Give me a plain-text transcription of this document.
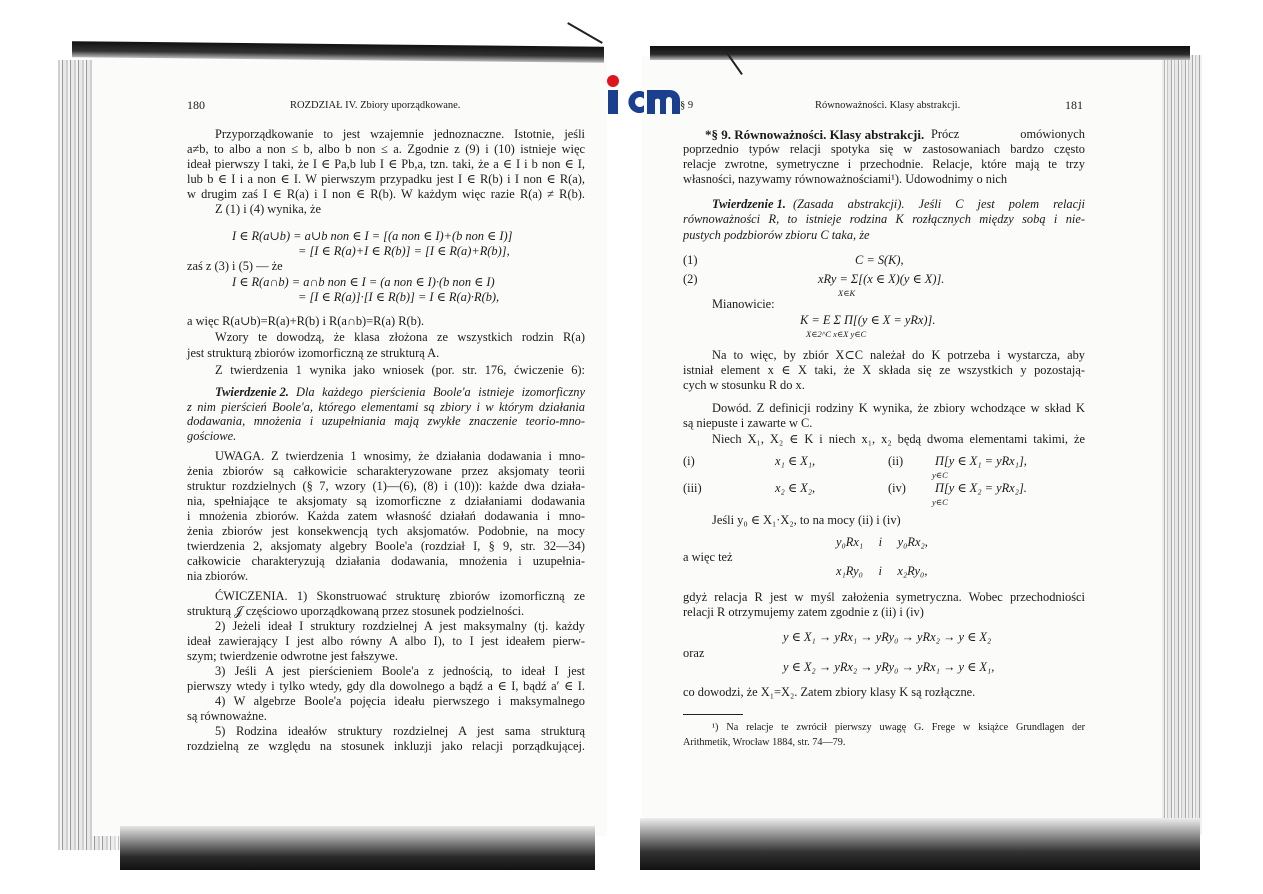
180	ROZDZIAŁ IV. Zbiory uporządkowane.	§ 9	Równoważności. Klasy abstrakcji.	181
Przyporządkowanie to jest wzajemnie jednoznaczne. Istotnie, jeśli
a≠b, to albo a non ≤ b, albo b non ≤ a. Zgodnie z (9) i (10) istnieje więc
ideał pierwszy I taki, że I ∈ Pa,b lub I ∈ Pb,a, tzn. taki, że a ∈ I i b non ∈ I,
lub b ∈ I i a non ∈ I. W pierwszym przypadku jest I ∈ R(b) i I non ∈ R(a),
w drugim zaś I ∈ R(a) i I non ∈ R(b). W każdym więc razie R(a) ≠ R(b).
Z (1) i (4) wynika, że
I ∈ R(a∪b) = a∪b non ∈ I = [(a non ∈ I)+(b non ∈ I)]
= [I ∈ R(a)+I ∈ R(b)] = [I ∈ R(a)+R(b)],
zaś z (3) i (5) — że
I ∈ R(a∩b) = a∩b non ∈ I = (a non ∈ I)·(b non ∈ I)
= [I ∈ R(a)]·[I ∈ R(b)] = I ∈ R(a)·R(b),
a więc R(a∪b)=R(a)+R(b) i R(a∩b)=R(a) R(b).
Wzory te dowodzą, że klasa złożona ze wszystkich rodzin R(a)
jest strukturą zbiorów izomorficzną ze strukturą A.
Z twierdzenia 1 wynika jako wniosek (por. str. 176, ćwiczenie 6):
Twierdzenie 2. Dla każdego pierścienia Boole'a istnieje izomorficzny
z nim pierścień Boole'a, którego elementami są zbiory i w którym działania
dodawania, mnożenia i uzupełniania mają zwykłe znaczenie teorio-mno-
gościowe.
UWAGA. Z twierdzenia 1 wnosimy, że działania dodawania i mno-
żenia zbiorów są całkowicie scharakteryzowane przez aksjomaty teorii
struktur rozdzielnych (§ 7, wzory (1)—(6), (8) i (10)): każde dwa działa-
nia, spełniające te aksjomaty są izomorficzne z działaniami dodawania
i mnożenia zbiorów. Każda zatem własność działań dodawania i mno-
żenia zbiorów jest konsekwencją tych aksjomatów. Podobnie, na mocy
twierdzenia 2, aksjomaty algebry Boole'a (rozdział I, § 9, str. 32—34)
całkowicie charakteryzują działania dodawania, mnożenia i uzupełnia-
nia zbiorów.
ĆWICZENIA. 1) Skonstruować strukturę zbiorów izomorficzną ze
strukturą 𝒥 częściowo uporządkowaną przez stosunek podzielności.
2) Jeżeli ideał I struktury rozdzielnej A jest maksymalny (tj. każdy
ideał zawierający I jest albo równy A albo I), to I jest ideałem pierw-
szym; twierdzenie odwrotne jest fałszywe.
3) Jeśli A jest pierścieniem Boole'a z jednością, to ideał I jest
pierwszy wtedy i tylko wtedy, gdy dla dowolnego a bądź a ∈ I, bądź a′ ∈ I.
4) W algebrze Boole'a pojęcia ideału pierwszego i maksymalnego
są równoważne.
5) Rodzina ideałów struktury rozdzielnej A jest sama strukturą
rozdzielną ze względu na stosunek inkluzji jako relacji porządkującej.
*§ 9. Równoważności. Klasy abstrakcji. Prócz omówionych
poprzednio typów relacji spotyka się w zastosowaniach bardzo często
relacje zwrotne, symetryczne i przechodnie. Relacje, które mają te trzy
własności, nazywamy równoważnościami¹). Udowodnimy o nich
Twierdzenie 1. (Zasada abstrakcji). Jeśli C jest polem relacji
równoważności R, to istnieje rodzina K rozłącznych między sobą i nie-
pustych podzbiorów zbioru C taka, że
(1)	C = S(K),
(2)	xRy = Σ[(x ∈ X)(y ∈ X)].
X∈K
Mianowicie:
K = E Σ Π[(y ∈ X = yRx)].
X∈2^C x∈X y∈C
Na to więc, by zbiór X⊂C należał do K potrzeba i wystarcza, aby
istniał element x ∈ X taki, że X składa się ze wszystkich y pozostają-
cych w stosunku R do x.
Dowód. Z definicji rodziny K wynika, że zbiory wchodzące w skład K
są niepuste i zawarte w C.
Niech X₁, X₂ ∈ K i niech x₁, x₂ będą dwoma elementami takimi, że
(i)	x₁ ∈ X₁,	(ii)	Π[y ∈ X₁ = yRx₁],
y∈C
(iii)	x₂ ∈ X₂,	(iv) Π[y ∈ X₂ = yRx₂].
y∈C
Jeśli y₀ ∈ X₁·X₂, to na mocy (ii) i (iv)
y₀Rx₁     i     y₀Rx₂,
a więc też
x₁Ry₀     i     x₂Ry₀,
gdyż relacja R jest w myśl założenia symetryczna. Wobec przechodniości
relacji R otrzymujemy zatem zgodnie z (ii) i (iv)
y ∈ X₁ → yRx₁ → yRy₀ → yRx₂ → y ∈ X₂
oraz
y ∈ X₂ → yRx₂ → yRy₀ → yRx₁ → y ∈ X₁,
co dowodzi, że X₁=X₂. Zatem zbiory klasy K są rozłączne.
¹) Na relacje te zwrócił pierwszy uwagę G. Frege w książce Grundlagen der
Arithmetik, Wrocław 1884, str. 74—79.
